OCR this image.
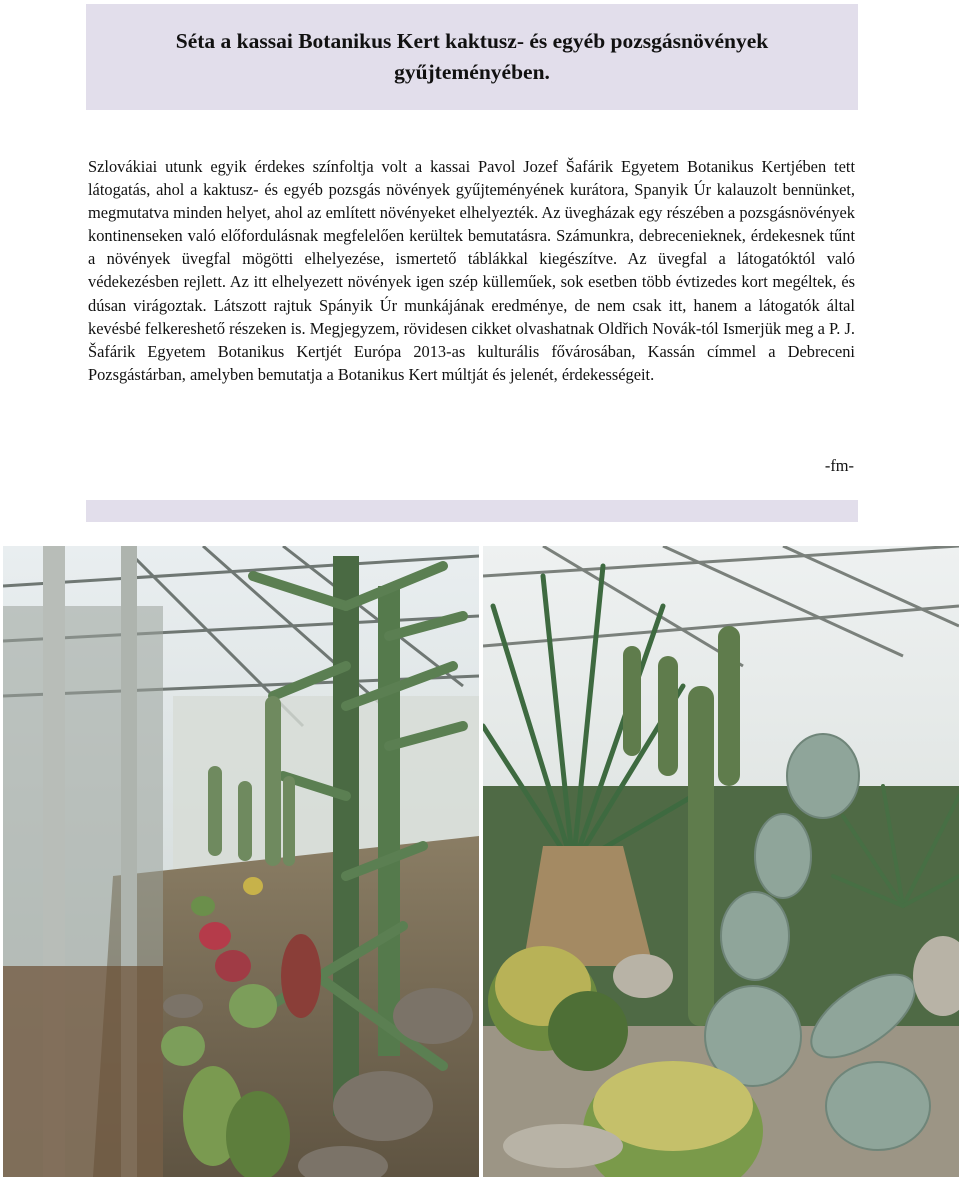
Séta a kassai Botanikus Kert kaktusz- és egyéb pozsgásnövények gyűjteményében.

Szlovákiai utunk egyik érdekes színfoltja volt a kassai Pavol Jozef Šafárik Egyetem Botanikus Kertjében tett látogatás, ahol a kaktusz- és egyéb pozsgás növények gyűjteményének kurátora, Spanyik Úr kalauzolt bennünket, megmutatva minden helyet, ahol az említett növényeket elhelyezték. Az üvegházak egy részében a pozsgásnövények kontinenseken való előfordulásnak megfelelően kerültek bemutatásra. Számunkra, debrecenieknek, érdekesnek tűnt a növények üvegfal mögötti elhelyezése, ismertető táblákkal kiegészítve. Az üvegfal a látogatóktól való védekezésben rejlett. Az itt elhelyezett növények igen szép külleműek, sok esetben több évtizedes kort megéltek, és dúsan virágoztak. Látszott rajtuk Spányik Úr munkájának eredménye, de nem csak itt, hanem a látogatók által kevésbé felkereshető részeken is. Megjegyzem, rövidesen cikket olvashatnak Oldřich Novák-tól Ismerjük meg a P. J. Šafárik Egyetem Botanikus Kertjét Európa 2013-as kulturális fővárosában, Kassán címmel a Debreceni Pozsgástárban, amelyben bemutatja a Botanikus Kert múltját és jelenét, érdekességeit.

-fm-
